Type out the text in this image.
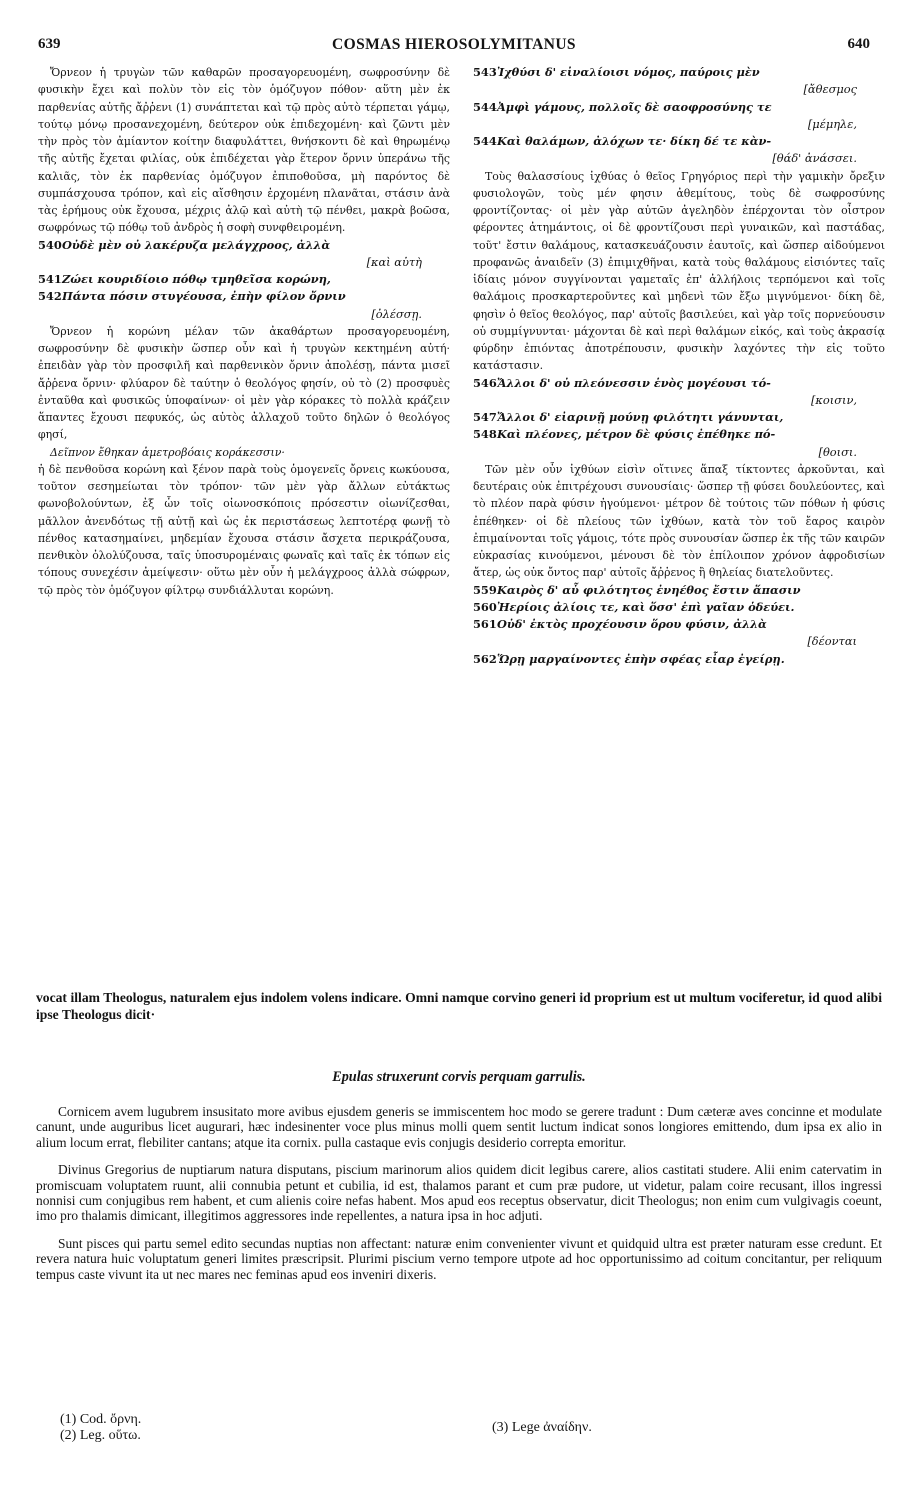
639	COSMAS HIEROSOLYMITANUS	640

Ὄρνεον ἡ τρυγὼν τῶν καθαρῶν προσαγορευομένη, σωφροσύνην δὲ φυσικὴν ἔχει καὶ πολὺν τὸν εἰς τὸν ὁμόζυγον πόθον· αὕτη μὲν ἐκ παρθενίας αὐτῆς ἄῤῥενι (1) συνάπτεται καὶ τῷ πρὸς αὐτὸ τέρπεται γάμῳ, τούτῳ μόνῳ προσανεχομένη, δεύτερον οὐκ ἐπιδεχομένη· καὶ ζῶντι μὲν τὴν πρὸς τὸν ἀμίαντον κοίτην διαφυλάττει, θνήσκοντι δὲ καὶ θηρωμένῳ τῆς αὐτῆς ἔχεται φιλίας, οὐκ ἐπιδέχεται γὰρ ἕτερον ὄρνιν ὑπεράνω τῆς καλιᾶς, τὸν ἐκ παρθενίας ὁμόζυγον ἐπιποθοῦσα, μὴ παρόντος δὲ συμπάσχουσα τρόπον, καὶ εἰς αἴσθησιν ἐρχομένη πλανᾶται, στάσιν ἀνὰ τὰς ἐρήμους οὐκ ἔχουσα, μέχρις ἀλῷ καὶ αὐτὴ τῷ πένθει, μακρὰ βοῶσα, σωφρόνως τῷ πόθῳ τοῦ ἀνδρὸς ἡ σοφὴ συνφθειρομένη.

540Οὐδὲ μὲν οὐ λακέρυζα μελάγχροος, ἀλλὰ
[καὶ αὐτὴ
541Ζώει κουριδίοιο πόθῳ τμηθεῖσα κορώνη,
542Πάντα πόσιν στυγέουσα, ἐπὴν φίλον ὄρνιν
[ὀλέσσῃ.

Ὄρνεον ἡ κορώνη μέλαν τῶν ἀκαθάρτων προσαγορευομένη, σωφροσύνην δὲ φυσικὴν ὥσπερ οὖν καὶ ἡ τρυγὼν κεκτημένη αὐτή· ἐπειδὰν γὰρ τὸν προσφιλῆ καὶ παρθενικὸν ὄρνιν ἀπολέσῃ, πάντα μισεῖ ἄῤῥενα ὄρνιν· φλύαρον δὲ ταύτην ὁ θεολόγος φησίν, οὐ τὸ (2) προσφυὲς ἐνταῦθα καὶ φυσικῶς ὑποφαίνων· οἱ μὲν γὰρ κόρακες τὸ πολλὰ κράζειν ἅπαντες ἔχουσι πεφυκός, ὡς αὐτὸς ἀλλαχοῦ τοῦτο δηλῶν ὁ θεολόγος φησί,

Δεῖπνον ἔθηκαν ἀμετροβόαις κοράκεσσιν·

ἡ δὲ πενθοῦσα κορώνη καὶ ξένον παρὰ τοὺς ὁμογενεῖς ὄρνεις κωκύουσα, τοῦτον σεσημείωται τὸν τρόπον· τῶν μὲν γὰρ ἄλλων εὐτάκτως φωνοβολούντων, ἐξ ὧν τοῖς οἰωνοσκόποις πρόσεστιν οἰωνίζεσθαι, μᾶλλον ἀνενδότως τῇ αὐτῇ καὶ ὡς ἐκ περιστάσεως λεπτοτέρᾳ φωνῇ τὸ πένθος κατασημαίνει, μηδεμίαν ἔχουσα στάσιν ἄσχετα περικράζουσα, πενθικὸν ὀλολύζουσα, ταῖς ὑποσυρομέναις φωναῖς καὶ ταῖς ἐκ τόπων εἰς τόπους συνεχέσιν ἀμείψεσιν· οὕτω μὲν οὖν ἡ μελάγχροος ἀλλὰ σώφρων, τῷ πρὸς τὸν ὁμόζυγον φίλτρῳ συνδιάλλυται κορώνη.

543Ἰχθύσι δ' εἰναλίοισι νόμος, παύροις μὲν
[ἄθεσμος
544Ἀμφὶ γάμους, πολλοῖς δὲ σαοφροσύνης τε
[μέμηλε,
544Καὶ θαλάμων, ἀλόχων τε· δίκη δέ τε κὰν-
[θάδ' ἀνάσσει.

Τοὺς θαλασσίους ἰχθύας ὁ θεῖος Γρηγόριος περὶ τὴν γαμικὴν ὄρεξιν φυσιολογῶν, τοὺς μέν φησιν ἀθεμίτους, τοὺς δὲ σωφροσύνης φροντίζοντας· οἱ μὲν γὰρ αὐτῶν ἀγεληδὸν ἐπέρχονται τὸν οἶστρον φέροντες ἀτημάντοις, οἱ δὲ φροντίζουσι περὶ γυναικῶν, καὶ παστάδας, τοῦτ' ἔστιν θαλάμους, κατασκευάζουσιν ἑαυτοῖς, καὶ ὥσπερ αἰδούμενοι προφανῶς ἀναιδεῖν (3) ἐπιμιχθῆναι, κατὰ τοὺς θαλάμους εἰσιόντες ταῖς ἰδίαις μόνον συγγίνονται γαμεταῖς ἐπ' ἀλλήλοις τερπόμενοι καὶ τοῖς θαλάμοις προσκαρτεροῦντες καὶ μηδενὶ τῶν ἔξω μιγνύμενοι· δίκη δὲ, φησὶν ὁ θεῖος θεολόγος, παρ' αὐτοῖς βασιλεύει, καὶ γὰρ τοῖς πορνεύουσιν οὐ συμμίγνυνται· μάχονται δὲ καὶ περὶ θαλάμων εἰκός, καὶ τοὺς ἀκρασίᾳ φύρδην ἐπιόντας ἀποτρέπουσιν, φυσικὴν λαχόντες τὴν εἰς τοῦτο κατάστασιν.

546Ἄλλοι δ' οὐ πλεόνεσσιν ἑνὸς μογέουσι τό-
[κοισιν,
547Ἄλλοι δ' εἰαρινῇ μούνῃ φιλότητι γάνυνται,
548Καὶ πλέονες, μέτρον δὲ φύσις ἐπέθηκε πό-
[θοισι.

Τῶν μὲν οὖν ἰχθύων εἰσὶν οἵτινες ἅπαξ τίκτοντες ἀρκοῦνται, καὶ δευτέραις οὐκ ἐπιτρέχουσι συνουσίαις· ὥσπερ τῇ φύσει δουλεύοντες, καὶ τὸ πλέον παρὰ φύσιν ἡγούμενοι· μέτρον δὲ τούτοις τῶν πόθων ἡ φύσις ἐπέθηκεν· οἱ δὲ πλείους τῶν ἰχθύων, κατὰ τὸν τοῦ ἔαρος καιρὸν ἐπιμαίνονται τοῖς γάμοις, τότε πρὸς συνουσίαν ὥσπερ ἐκ τῆς τῶν καιρῶν εὐκρασίας κινούμενοι, μένουσι δὲ τὸν ἐπίλοιπον χρόνον ἀφροδισίων ἄτερ, ὡς οὐκ ὄντος παρ' αὐτοῖς ἄῤῥενος ἢ θηλείας διατελοῦντες.

559Καιρὸς δ' αὖ φιλότητος ἐνηέθος ἔστιν ἅπασιν
560Ἠερίοις ἀλίοις τε, καὶ ὅσσ' ἐπὶ γαῖαν ὁδεύει.
561Οὐδ' ἐκτὸς προχέουσιν ὅρου φύσιν, ἀλλὰ
[δέονται
562Ὥρῃ μαργαίνοντες ἐπὴν σφέας εἶαρ ἐγείρῃ.
vocat illam Theologus, naturalem ejus indolem volens indicare. Omni namque corvino generi id proprium est ut multum vociferetur, id quod alibi ipse Theologus dicit·
Epulas struxerunt corvis perquam garrulis.

Cornicem avem lugubrem insusitato more avibus ejusdem generis se immiscentem hoc modo se gerere tradunt : Dum cæteræ aves concinne et modulate canunt, unde auguribus licet augurari, hæc indesinenter voce plus minus molli quem sentit luctum indicat sonos longiores emittendo, dum ipsa ex alio in alium locum errat, flebiliter cantans; atque ita cornix. pulla castaque evis conjugis desiderio correpta emoritur.

Divinus Gregorius de nuptiarum natura disputans, piscium marinorum alios quidem dicit legibus carere, alios castitati studere. Alii enim catervatim in promiscuam voluptatem ruunt, alii connubia petunt et cubilia, id est, thalamos parant et cum præ pudore, ut videtur, palam coire recusant, illos ingressi nonnisi cum conjugibus rem habent, et cum alienis coire nefas habent. Mos apud eos receptus observatur, dicit Theologus; non enim cum vulgivagis coeunt, imo pro thalamis dimicant, illegitimos aggressores inde repellentes, a natura ipsa in hoc adjuti.

Sunt pisces qui partu semel edito secundas nuptias non affectant: naturæ enim convenienter vivunt et quidquid ultra est præter naturam esse credunt. Et revera natura huic voluptatum generi limites præscripsit. Plurimi piscium verno tempore utpote ad hoc opportunissimo ad coitum concitantur, per reliquum tempus caste vivunt ita ut nec mares nec feminas apud eos inveniri dixeris.

(1) Cod. ὄρνη.
(2) Leg. οὕτω.
(3) Lege ἀναίδην.
